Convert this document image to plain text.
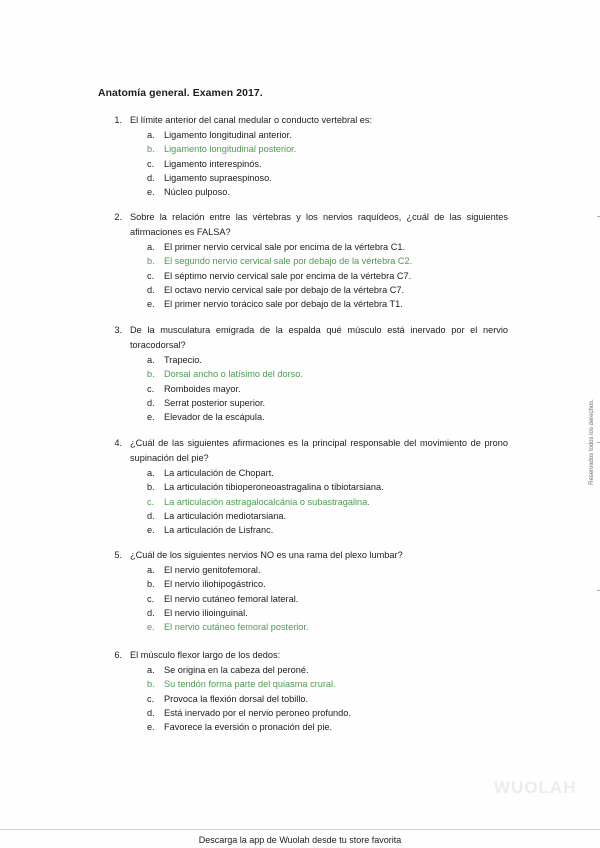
Anatomía general. Examen 2017.
1. El límite anterior del canal medular o conducto vertebral es:
a. Ligamento longitudinal anterior.
b. Ligamento longitudinal posterior.
c. Ligamento interespinós.
d. Ligamento supraespinoso.
e. Núcleo pulposo.
2. Sobre la relación entre las vértebras y los nervios raquídeos, ¿cuál de las siguientes afirmaciones es FALSA?
a. El primer nervio cervical sale por encima de la vértebra C1.
b. El segundo nervio cervical sale por debajo de la vértebra C2.
c. El séptimo nervio cervical sale por encima de la vértebra C7.
d. El octavo nervio cervical sale por debajo de la vértebra C7.
e. El primer nervio torácico sale por debajo de la vértebra T1.
3. De la musculatura emigrada de la espalda qué músculo está inervado por el nervio toracodorsal?
a. Trapecio.
b. Dorsal ancho o latísimo del dorso.
c. Romboides mayor.
d. Serrat posterior superior.
e. Elevador de la escápula.
4. ¿Cuál de las siguientes afirmaciones es la principal responsable del movimiento de prono supinación del pie?
a. La articulación de Chopart.
b. La articulación tibioperoneoastragalina o tibiotarsiana.
c. La articulación astragalocalcánia o subastragalina.
d. La articulación mediotarsiana.
e. La articulación de Lisfranc.
5. ¿Cuál de los siguientes nervios NO es una rama del plexo lumbar?
a. El nervio genitofemoral.
b. El nervio iliohipogástrico.
c. El nervio cutáneo femoral lateral.
d. El nervio ilioinguinal.
e. El nervio cutáneo femoral posterior.
6. El músculo flexor largo de los dedos:
a. Se origina en la cabeza del peroné.
b. Su tendón forma parte del quiasma crural.
c. Provoca la flexión dorsal del tobillo.
d. Está inervado por el nervio peroneo profundo.
e. Favorece la eversión o pronación del pie.
Reservados todos los derechos.
WUOLAH
Descarga la app de Wuolah desde tu store favorita
